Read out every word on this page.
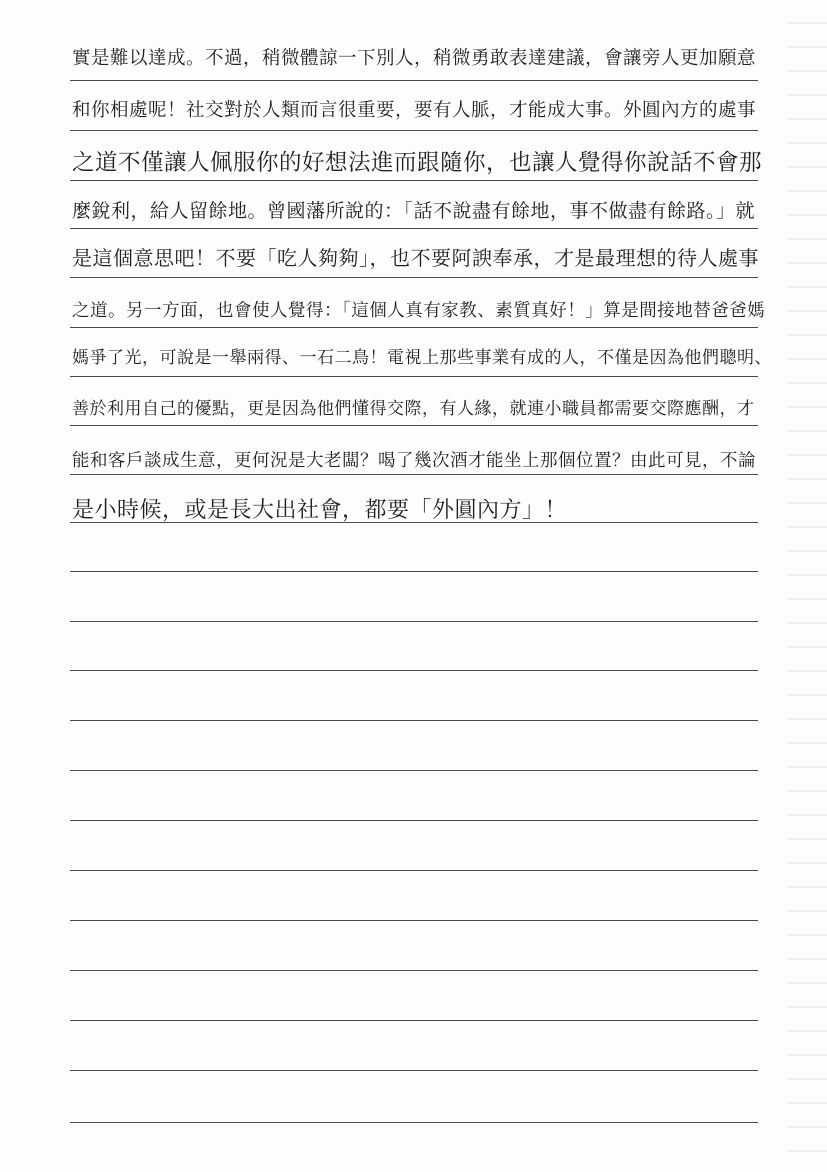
實是難以達成。不過，稍微體諒一下別人，稍微勇敢表達建議，會讓旁人更加願意
和你相處呢！社交對於人類而言很重要，要有人脈，才能成大事。外圓內方的處事
之道不僅讓人佩服你的好想法進而跟隨你，也讓人覺得你說話不會那
麼銳利，給人留餘地。曾國藩所說的：「話不說盡有餘地，事不做盡有餘路。」就
是這個意思吧！不要「吃人夠夠」，也不要阿諛奉承，才是最理想的待人處事
之道。另一方面，也會使人覺得：「這個人真有家教、素質真好！」算是間接地替爸爸媽
媽爭了光，可說是一舉兩得、一石二鳥！電視上那些事業有成的人，不僅是因為他們聰明、
善於利用自己的優點，更是因為他們懂得交際，有人緣，就連小職員都需要交際應酬，才
能和客戶談成生意，更何況是大老闆？喝了幾次酒才能坐上那個位置？由此可見，不論
是小時候，或是長大出社會，都要「外圓內方」！
